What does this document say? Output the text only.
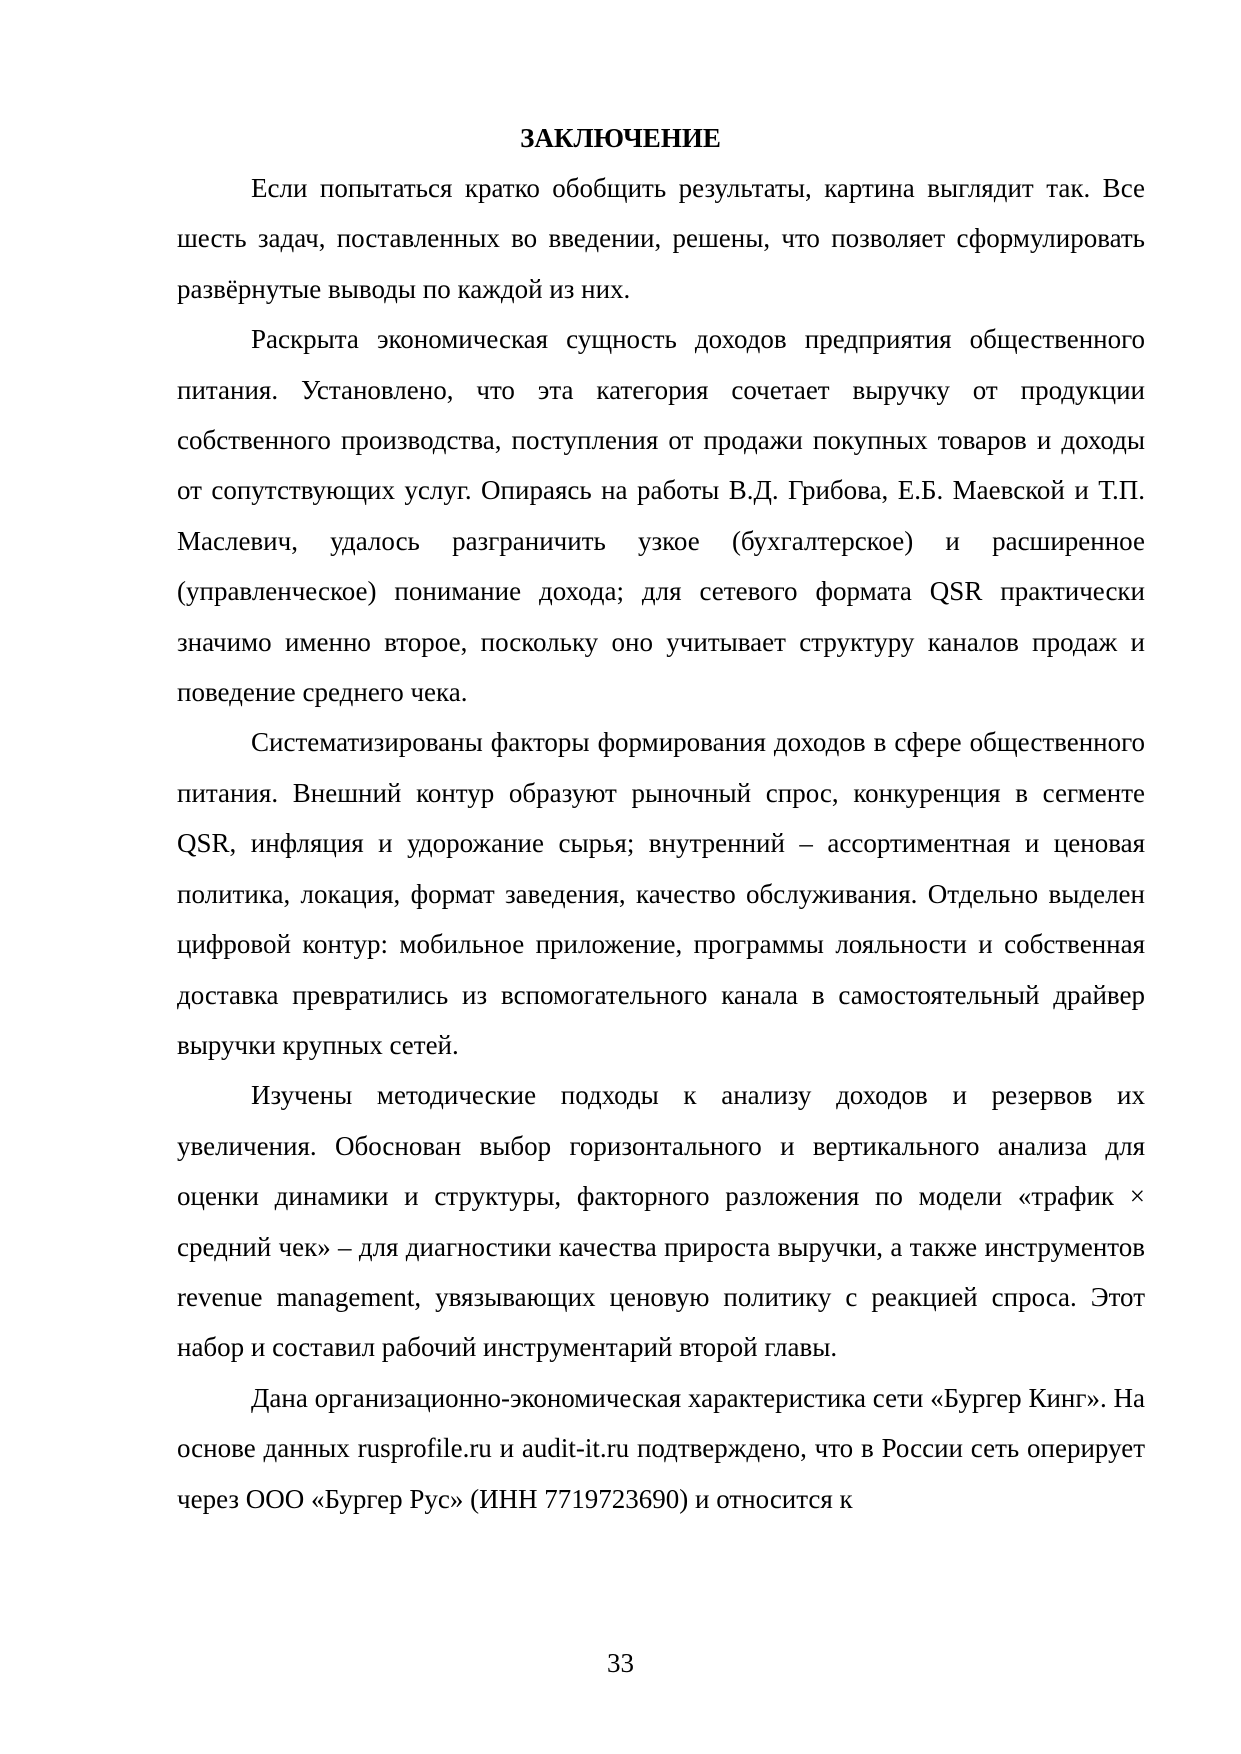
ЗАКЛЮЧЕНИЕ

Если попытаться кратко обобщить результаты, картина выглядит так. Все шесть задач, поставленных во введении, решены, что позволяет сформулировать развёрнутые выводы по каждой из них.

Раскрыта экономическая сущность доходов предприятия общественного питания. Установлено, что эта категория сочетает выручку от продукции собственного производства, поступления от продажи покупных товаров и доходы от сопутствующих услуг. Опираясь на работы В.Д. Грибова, Е.Б. Маевской и Т.П. Маслевич, удалось разграничить узкое (бухгалтерское) и расширенное (управленческое) понимание дохода; для сетевого формата QSR практически значимо именно второе, поскольку оно учитывает структуру каналов продаж и поведение среднего чека.

Систематизированы факторы формирования доходов в сфере общественного питания. Внешний контур образуют рыночный спрос, конкуренция в сегменте QSR, инфляция и удорожание сырья; внутренний – ассортиментная и ценовая политика, локация, формат заведения, качество обслуживания. Отдельно выделен цифровой контур: мобильное приложение, программы лояльности и собственная доставка превратились из вспомогательного канала в самостоятельный драйвер выручки крупных сетей.

Изучены методические подходы к анализу доходов и резервов их увеличения. Обоснован выбор горизонтального и вертикального анализа для оценки динамики и структуры, факторного разложения по модели «трафик × средний чек» – для диагностики качества прироста выручки, а также инструментов revenue management, увязывающих ценовую политику с реакцией спроса. Этот набор и составил рабочий инструментарий второй главы.

Дана организационно-экономическая характеристика сети «Бургер Кинг». На основе данных rusprofile.ru и audit-it.ru подтверждено, что в России сеть оперирует через ООО «Бургер Рус» (ИНН 7719723690) и относится к

33
